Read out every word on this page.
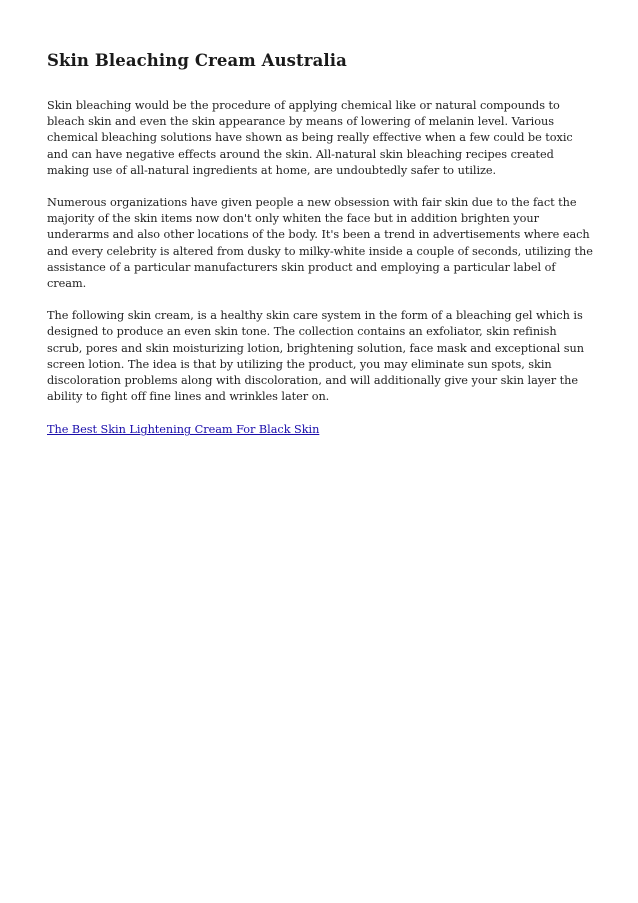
Skin Bleaching Cream Australia

Skin bleaching would be the procedure of applying chemical like or natural compounds to bleach skin and even the skin appearance by means of lowering of melanin level. Various chemical bleaching solutions have shown as being really effective when a few could be toxic and can have negative effects around the skin. All-natural skin bleaching recipes created making use of all-natural ingredients at home, are undoubtedly safer to utilize.

Numerous organizations have given people a new obsession with fair skin due to the fact the majority of the skin items now don't only whiten the face but in addition brighten your underarms and also other locations of the body. It's been a trend in advertisements where each and every celebrity is altered from dusky to milky-white inside a couple of seconds, utilizing the assistance of a particular manufacturers skin product and employing a particular label of cream.

The following skin cream, is a healthy skin care system in the form of a bleaching gel which is designed to produce an even skin tone. The collection contains an exfoliator, skin refinish scrub, pores and skin moisturizing lotion, brightening solution, face mask and exceptional sun screen lotion. The idea is that by utilizing the product, you may eliminate sun spots, skin discoloration problems along with discoloration, and will additionally give your skin layer the ability to fight off fine lines and wrinkles later on.

The Best Skin Lightening Cream For Black Skin
